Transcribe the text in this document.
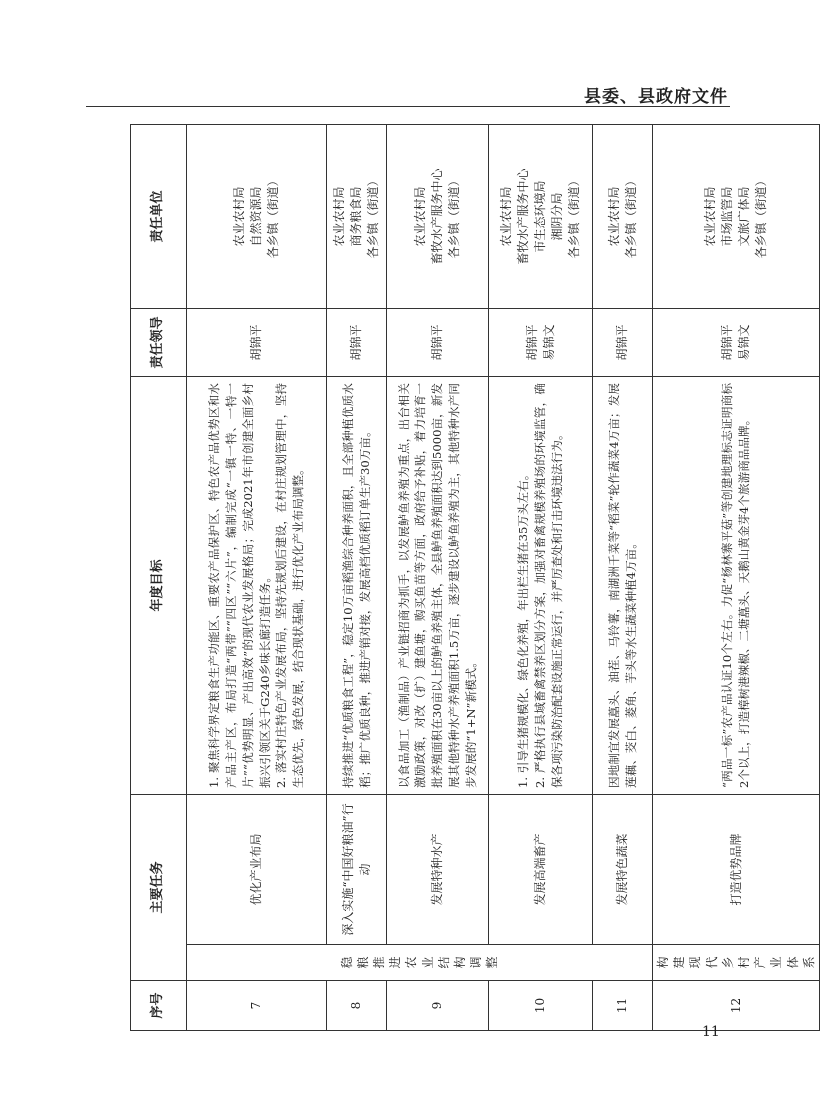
县委、县政府文件
序号	主要任务		年度目标	责任领导	责任单位
7	稳粮推进农业结构调整	优化产业布局	1. 聚焦科学界定粮食生产功能区、重要农产品保护区、特色农产品优势区和水产品主产区，布局打造“两带”“四区”“六片”，编制完成“一镇一特、一特一片”“优势明显、产出高效”的现代农业发展格局；完成2021年市创建全面乡村振兴引领区关于G240乡味长廊打造任务。
2. 落实村庄特色产业发展布局，坚持先规划后建设，在村庄规划管理中，坚持生态优先，绿色发展，结合现状基础，进行优化产业布局调整。	胡锦平	农业农村局
自然资源局
各乡镇（街道）
8		深入实施“中国好粮油”行动	持续推进“优质粮食工程”，稳定10万亩稻渔综合种养面积，且全部种植优质水稻；推广优质良种，推进产销对接，发展高档优质稻订单生产30万亩。	胡锦平	农业农村局
商务粮食局
各乡镇（街道）
9		发展特种水产	以食品加工（渔制品）产业链招商为抓手，以发展鲈鱼养殖为重点，出台相关激励政策，对改（扩）建鱼塘，购买鱼苗等方面，政府给予补贴，着力培育一批养殖面积在30亩以上的鲈鱼养殖主体，全县鲈鱼养殖面积达到5000亩，新发展其他特种水产养殖面积1.5万亩，逐步建设以鲈鱼养殖为主，其他特种水产同步发展的“1+N”新模式。	胡锦平	农业农村局
畜牧水产服务中心
各乡镇（街道）
10		发展高端畜产	1. 引导生猪规模化、绿色化养殖，年出栏生猪在35万头左右。
2. 严格执行县域畜禽禁养区划分方案，加强对畜禽规模养殖场的环境监管，确保各项污染防治配套设施正常运行，并严厉查处和打击环境违法行为。	胡锦平
易锦文	农业农村局
畜牧水产服务中心
市生态环境局
湘阴分局
各乡镇（街道）
11		发展特色蔬菜	因地制宜发展藠头、油茬、马铃薯，南湖洲千菜等“稻菜”轮作蔬菜4万亩；发展莲藕、茭白、菱角、芋头等水生蔬菜种植4万亩。	胡锦平	农业农村局
各乡镇（街道）
12	构建现代乡村产业体系	打造优势品牌	“两品一标”农产品认证10个左右。力促“杨林寨平菇”等创建地理标志证明商标2个以上，打造樟树港辣椒、二塘藠头、天鹅山黄金芽4个旅游商品品牌。	胡锦平
易锦文	农业农村局
市场监管局
文旅广体局
各乡镇（街道）
11
